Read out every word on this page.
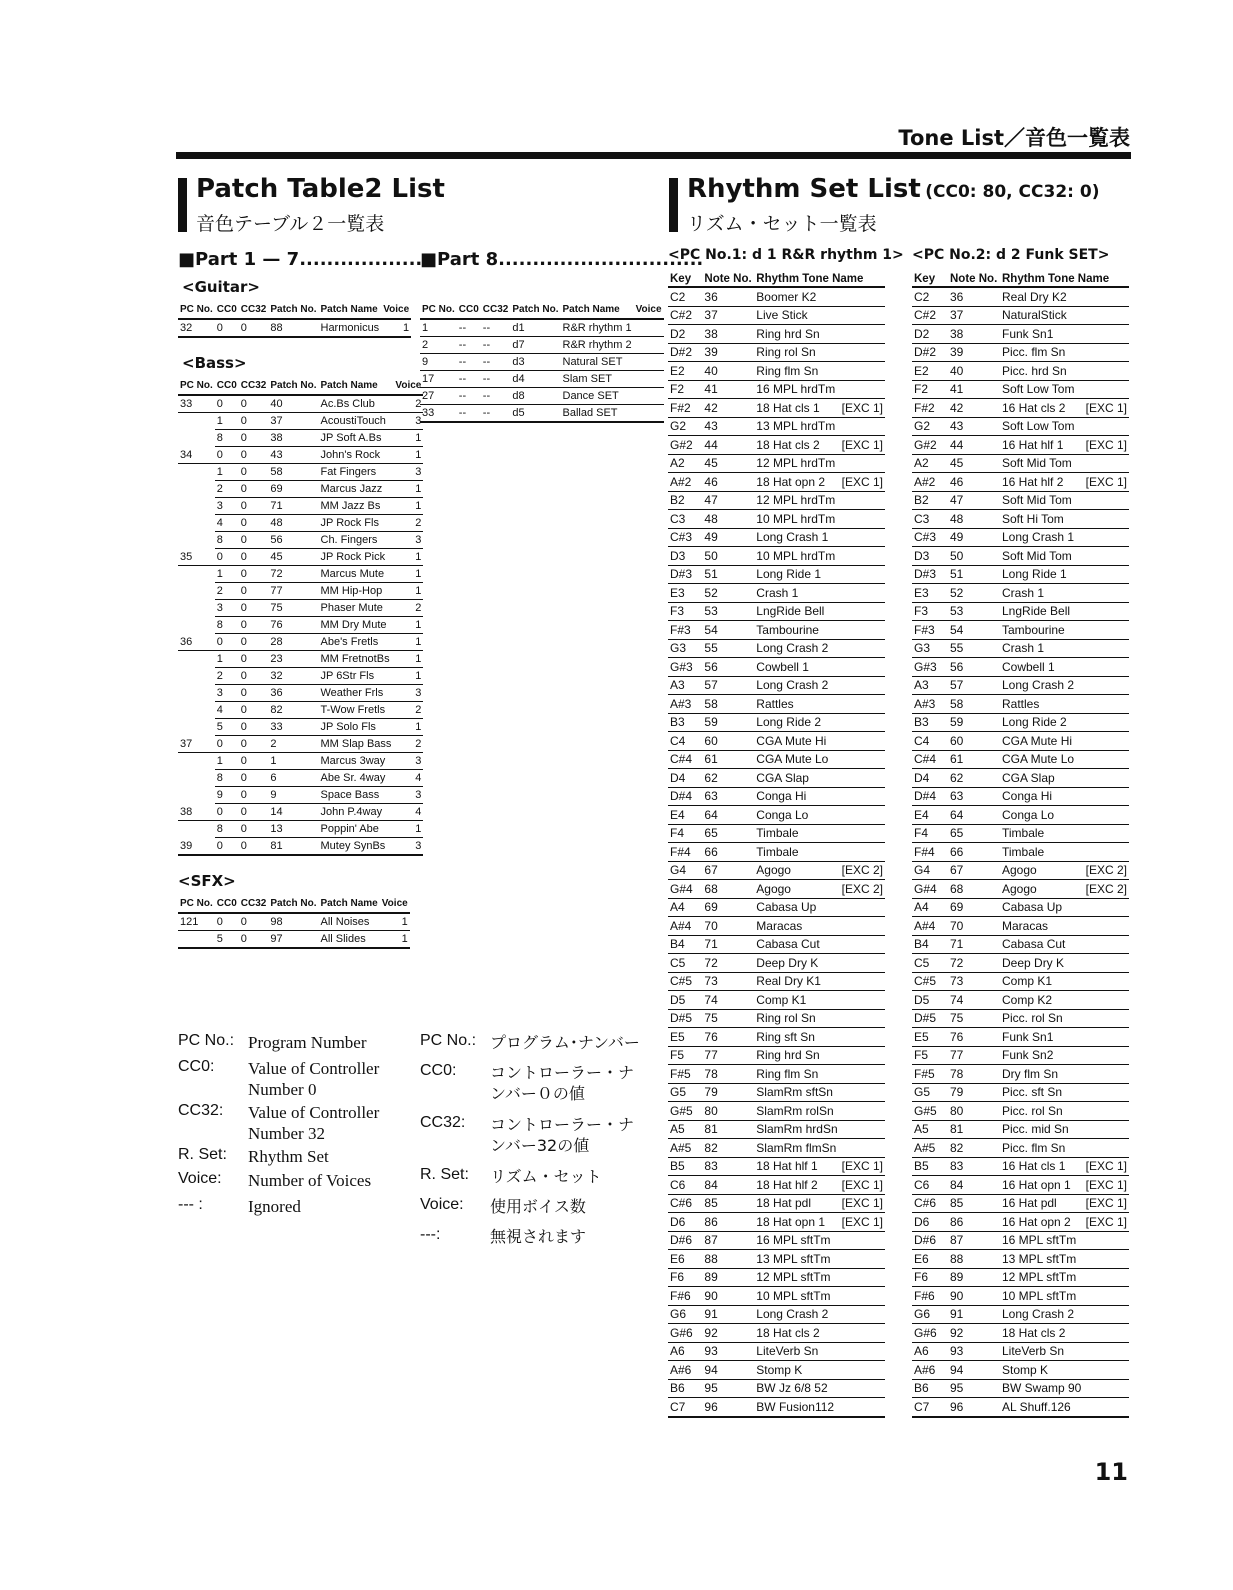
Tone List／音色一覧表
Patch Table2 List
音色テーブル２一覧表
■Part 1 — 7....................
<Guitar>
PC No.	CC0	CC32	Patch No.	Patch Name	Voice
32	0	0	88	Harmonicus	1
<Bass>
PC No.	CC0	CC32	Patch No.	Patch Name	Voice
33	0	0	40	Ac.Bs Club	2
	1	0	37	AcoustiTouch	3
	8	0	38	JP Soft A.Bs	1
34	0	0	43	John's Rock	1
	1	0	58	Fat Fingers	3
	2	0	69	Marcus Jazz	1
	3	0	71	MM Jazz Bs	1
	4	0	48	JP Rock Fls	2
	8	0	56	Ch. Fingers	3
35	0	0	45	JP Rock Pick	1
	1	0	72	Marcus Mute	1
	2	0	77	MM Hip-Hop	1
	3	0	75	Phaser Mute	2
	8	0	76	MM Dry Mute	1
36	0	0	28	Abe's Fretls	1
	1	0	23	MM FretnotBs	1
	2	0	32	JP 6Str Fls	1
	3	0	36	Weather Frls	3
	4	0	82	T-Wow Fretls	2
	5	0	33	JP Solo Fls	1
37	0	0	2	MM Slap Bass	2
	1	0	1	Marcus 3way	3
	8	0	6	Abe Sr. 4way	4
	9	0	9	Space Bass	3
38	0	0	14	John P.4way	4
	8	0	13	Poppin' Abe	1
39	0	0	81	Mutey SynBs	3
<SFX>
PC No.	CC0	CC32	Patch No.	Patch Name	Voice
121	0	0	98	All Noises	1
	5	0	97	All Slides	1
■Part 8..............................
PC No.	CC0	CC32	Patch No.	Patch Name	Voice
1	--	--	d1	R&R rhythm 1	
2	--	--	d7	R&R rhythm 2	
9	--	--	d3	Natural SET	
17	--	--	d4	Slam SET	
27	--	--	d8	Dance SET	
33	--	--	d5	Ballad SET	
PC No.: Program Number
CC0: Value of Controller Number 0
CC32: Value of Controller Number 32
R. Set: Rhythm Set
Voice: Number of Voices
--- :	Ignored
PC No.: プログラム･ナンバー
CC0: コントローラー・ナンバー０の値
CC32: コントローラー・ナンバー32の値
R. Set: リズム・セット
Voice: 使用ボイス数
---:	無視されます
Rhythm Set List (CC0: 80, CC32: 0)
リズム・セット一覧表
<PC No.1: d 1 R&R rhythm 1>
Key	Note No.	Rhythm Tone Name	
C2	36	Boomer K2	
C#2	37	Live Stick	
D2	38	Ring hrd Sn	
D#2	39	Ring rol Sn	
E2	40	Ring flm Sn	
F2	41	16 MPL hrdTm	
F#2	42	18 Hat cls 1	[EXC 1]
G2	43	13 MPL hrdTm	
G#2	44	18 Hat cls 2	[EXC 1]
A2	45	12 MPL hrdTm	
A#2	46	18 Hat opn 2	[EXC 1]
B2	47	12 MPL hrdTm	
C3	48	10 MPL hrdTm	
C#3	49	Long Crash 1	
D3	50	10 MPL hrdTm	
D#3	51	Long Ride 1	
E3	52	Crash 1	
F3	53	LngRide Bell	
F#3	54	Tambourine	
G3	55	Long Crash 2	
G#3	56	Cowbell 1	
A3	57	Long Crash 2	
A#3	58	Rattles	
B3	59	Long Ride 2	
C4	60	CGA Mute Hi	
C#4	61	CGA Mute Lo	
D4	62	CGA Slap	
D#4	63	Conga Hi	
E4	64	Conga Lo	
F4	65	Timbale	
F#4	66	Timbale	
G4	67	Agogo	[EXC 2]
G#4	68	Agogo	[EXC 2]
A4	69	Cabasa Up	
A#4	70	Maracas	
B4	71	Cabasa Cut	
C5	72	Deep Dry K	
C#5	73	Real Dry K1	
D5	74	Comp K1	
D#5	75	Ring rol Sn	
E5	76	Ring sft Sn	
F5	77	Ring hrd Sn	
F#5	78	Ring flm Sn	
G5	79	SlamRm sftSn	
G#5	80	SlamRm rolSn	
A5	81	SlamRm hrdSn	
A#5	82	SlamRm flmSn	
B5	83	18 Hat hlf 1	[EXC 1]
C6	84	18 Hat hlf 2	[EXC 1]
C#6	85	18 Hat pdl	[EXC 1]
D6	86	18 Hat opn 1	[EXC 1]
D#6	87	16 MPL sftTm	
E6	88	13 MPL sftTm	
F6	89	12 MPL sftTm	
F#6	90	10 MPL sftTm	
G6	91	Long Crash 2	
G#6	92	18 Hat cls 2	
A6	93	LiteVerb Sn	
A#6	94	Stomp K	
B6	95	BW Jz 6/8 52	
C7	96	BW Fusion112	
<PC No.2: d 2 Funk SET>
Key	Note No.	Rhythm Tone Name	
C2	36	Real Dry K2	
C#2	37	NaturalStick	
D2	38	Funk Sn1	
D#2	39	Picc. flm Sn	
E2	40	Picc. hrd Sn	
F2	41	Soft Low Tom	
F#2	42	16 Hat cls 2	[EXC 1]
G2	43	Soft Low Tom	
G#2	44	16 Hat hlf 1	[EXC 1]
A2	45	Soft Mid Tom	
A#2	46	16 Hat hlf 2	[EXC 1]
B2	47	Soft Mid Tom	
C3	48	Soft Hi Tom	
C#3	49	Long Crash 1	
D3	50	Soft Mid Tom	
D#3	51	Long Ride 1	
E3	52	Crash 1	
F3	53	LngRide Bell	
F#3	54	Tambourine	
G3	55	Crash 1	
G#3	56	Cowbell 1	
A3	57	Long Crash 2	
A#3	58	Rattles	
B3	59	Long Ride 2	
C4	60	CGA Mute Hi	
C#4	61	CGA Mute Lo	
D4	62	CGA Slap	
D#4	63	Conga Hi	
E4	64	Conga Lo	
F4	65	Timbale	
F#4	66	Timbale	
G4	67	Agogo	[EXC 2]
G#4	68	Agogo	[EXC 2]
A4	69	Cabasa Up	
A#4	70	Maracas	
B4	71	Cabasa Cut	
C5	72	Deep Dry K	
C#5	73	Comp K1	
D5	74	Comp K2	
D#5	75	Picc. rol Sn	
E5	76	Funk Sn1	
F5	77	Funk Sn2	
F#5	78	Dry flm Sn	
G5	79	Picc. sft Sn	
G#5	80	Picc. rol Sn	
A5	81	Picc. mid Sn	
A#5	82	Picc. flm Sn	
B5	83	16 Hat cls 1	[EXC 1]
C6	84	16 Hat opn 1	[EXC 1]
C#6	85	16 Hat pdl	[EXC 1]
D6	86	16 Hat opn 2	[EXC 1]
D#6	87	16 MPL sftTm	
E6	88	13 MPL sftTm	
F6	89	12 MPL sftTm	
F#6	90	10 MPL sftTm	
G6	91	Long Crash 2	
G#6	92	18 Hat cls 2	
A6	93	LiteVerb Sn	
A#6	94	Stomp K	
B6	95	BW Swamp 90	
C7	96	AL Shuff.126	
11
